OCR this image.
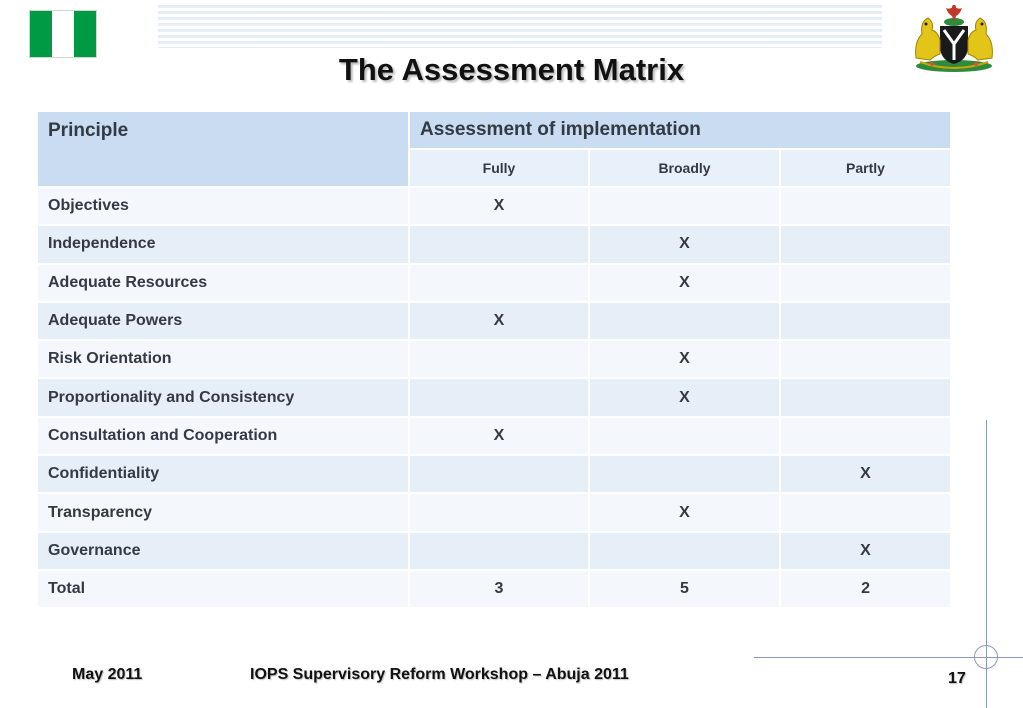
The Assessment Matrix
Principle	Assessment of implementation		
	Fully	Broadly	Partly
Objectives	X		
Independence		X	
Adequate Resources		X	
Adequate Powers	X		
Risk Orientation		X	
Proportionality and Consistency		X	
Consultation and Cooperation	X		
Confidentiality			X
Transparency		X	
Governance			X
Total	3	5	2
May 2011	IOPS Supervisory Reform Workshop – Abuja 2011	17
